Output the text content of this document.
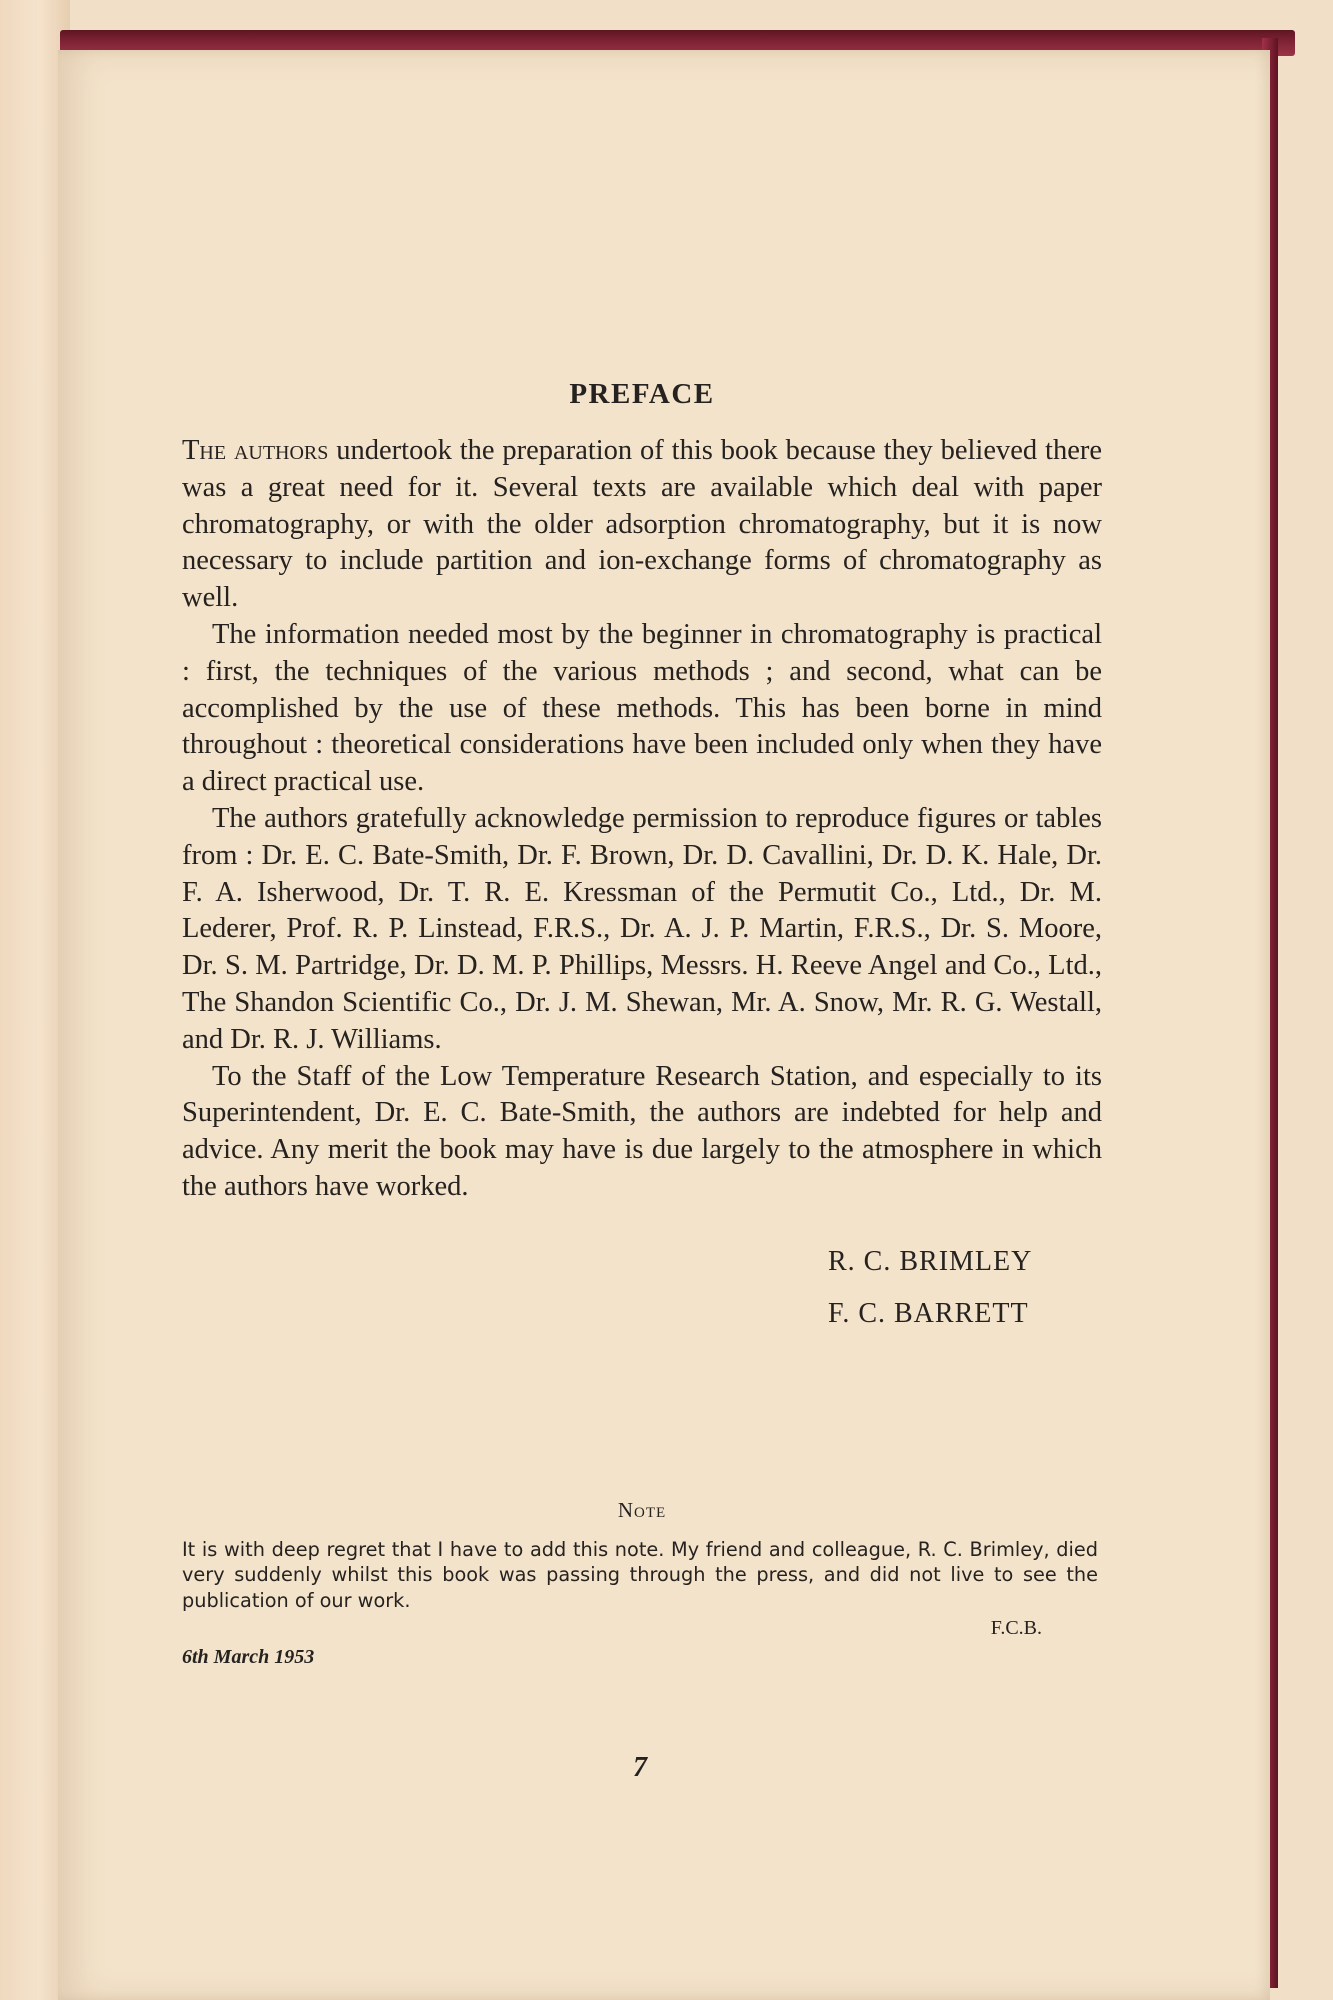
PREFACE

The authors undertook the preparation of this book because they believed there was a great need for it. Several texts are available which deal with paper chromatography, or with the older adsorption chromatography, but it is now necessary to include partition and ion-exchange forms of chromatography as well.

The information needed most by the beginner in chromatography is practical : first, the techniques of the various methods ; and second, what can be accomplished by the use of these methods. This has been borne in mind throughout : theoretical considerations have been included only when they have a direct practical use.

The authors gratefully acknowledge permission to reproduce figures or tables from : Dr. E. C. Bate-Smith, Dr. F. Brown, Dr. D. Cavallini, Dr. D. K. Hale, Dr. F. A. Isherwood, Dr. T. R. E. Kressman of the Permutit Co., Ltd., Dr. M. Lederer, Prof. R. P. Linstead, F.R.S., Dr. A. J. P. Martin, F.R.S., Dr. S. Moore, Dr. S. M. Partridge, Dr. D. M. P. Phillips, Messrs. H. Reeve Angel and Co., Ltd., The Shandon Scientific Co., Dr. J. M. Shewan, Mr. A. Snow, Mr. R. G. Westall, and Dr. R. J. Williams.

To the Staff of the Low Temperature Research Station, and especially to its Superintendent, Dr. E. C. Bate-Smith, the authors are indebted for help and advice. Any merit the book may have is due largely to the atmosphere in which the authors have worked.

R. C. BRIMLEY
F. C. BARRETT
Note
It is with deep regret that I have to add this note. My friend and colleague, R. C. Brimley, died very suddenly whilst this book was passing through the press, and did not live to see the publication of our work.
F.C.B.
6th March 1953
7
